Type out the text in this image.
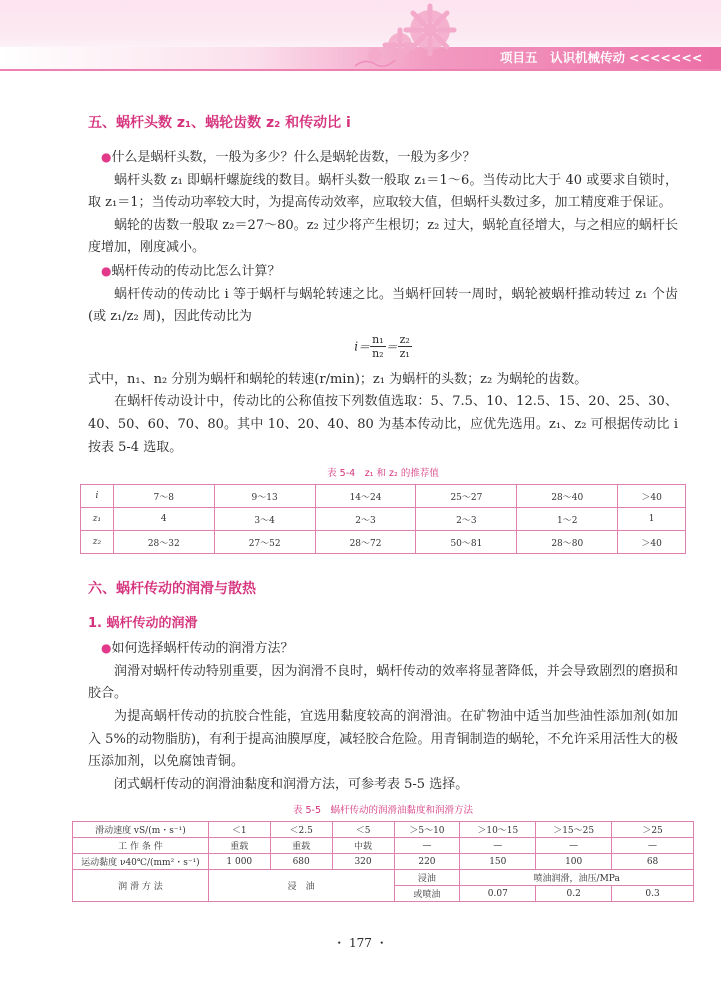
项目五　认识机械传动 <<<<<<<
五、蜗杆头数 z₁、蜗轮齿数 z₂ 和传动比 i

●什么是蜗杆头数，一般为多少？什么是蜗轮齿数，一般为多少？

蜗杆头数 z₁ 即蜗杆螺旋线的数目。蜗杆头数一般取 z₁＝1～6。当传动比大于 40 或要求自锁时，取 z₁＝1；当传动功率较大时，为提高传动效率，应取较大值，但蜗杆头数过多，加工精度难于保证。

蜗轮的齿数一般取 z₂＝27～80。z₂ 过少将产生根切；z₂ 过大，蜗轮直径增大，与之相应的蜗杆长度增加，刚度减小。

●蜗杆传动的传动比怎么计算？

蜗杆传动的传动比 i 等于蜗杆与蜗轮转速之比。当蜗杆回转一周时，蜗轮被蜗杆推动转过 z₁ 个齿(或 z₁/z₂ 周)，因此传动比为

$i= \frac{\text{n₁}}{\text{n₂}} = \frac{\text{z₂}}{\text{z₁}}$

式中，n₁、n₂ 分别为蜗杆和蜗轮的转速(r/min)；z₁ 为蜗杆的头数；z₂ 为蜗轮的齿数。

在蜗杆传动设计中，传动比的公称值按下列数值选取：5、7.5、10、12.5、15、20、25、30、40、50、60、70、80。其中 10、20、40、80 为基本传动比，应优先选用。z₁、z₂ 可根据传动比 i 按表 5-4 选取。

表 5-4　z₁ 和 z₂ 的推荐值
i	7～8	9～13	14～24	25～27	28～40	＞40
z₁	4	3～4	2～3	2～3	1～2	1
z₂	28～32	27～52	28～72	50～81	28～80	＞40
六、蜗杆传动的润滑与散热
1. 蜗杆传动的润滑

●如何选择蜗杆传动的润滑方法？

润滑对蜗杆传动特别重要，因为润滑不良时，蜗杆传动的效率将显著降低，并会导致剧烈的磨损和胶合。

为提高蜗杆传动的抗胶合性能，宜选用黏度较高的润滑油。在矿物油中适当加些油性添加剂(如加入 5%的动物脂肪)，有利于提高油膜厚度，减轻胶合危险。用青铜制造的蜗轮，不允许采用活性大的极压添加剂，以免腐蚀青铜。

闭式蜗杆传动的润滑油黏度和润滑方法，可参考表 5-5 选择。

表 5-5　蜗杆传动的润滑油黏度和润滑方法
滑动速度 vS/(m・s⁻¹)	＜1	＜2.5	＜5	＞5～10	＞10～15	＞15～25	＞25
工 作 条 件	重载	重载	中载	—	—	—	—
运动黏度 ν40℃/(mm²・s⁻¹)	1 000	680	320	220	150	100	68
润 滑 方 法	浸　油			浸油	喷油润滑，油压/MPa		
				或喷油	0.07	0.2	0.3
・ 177 ・
